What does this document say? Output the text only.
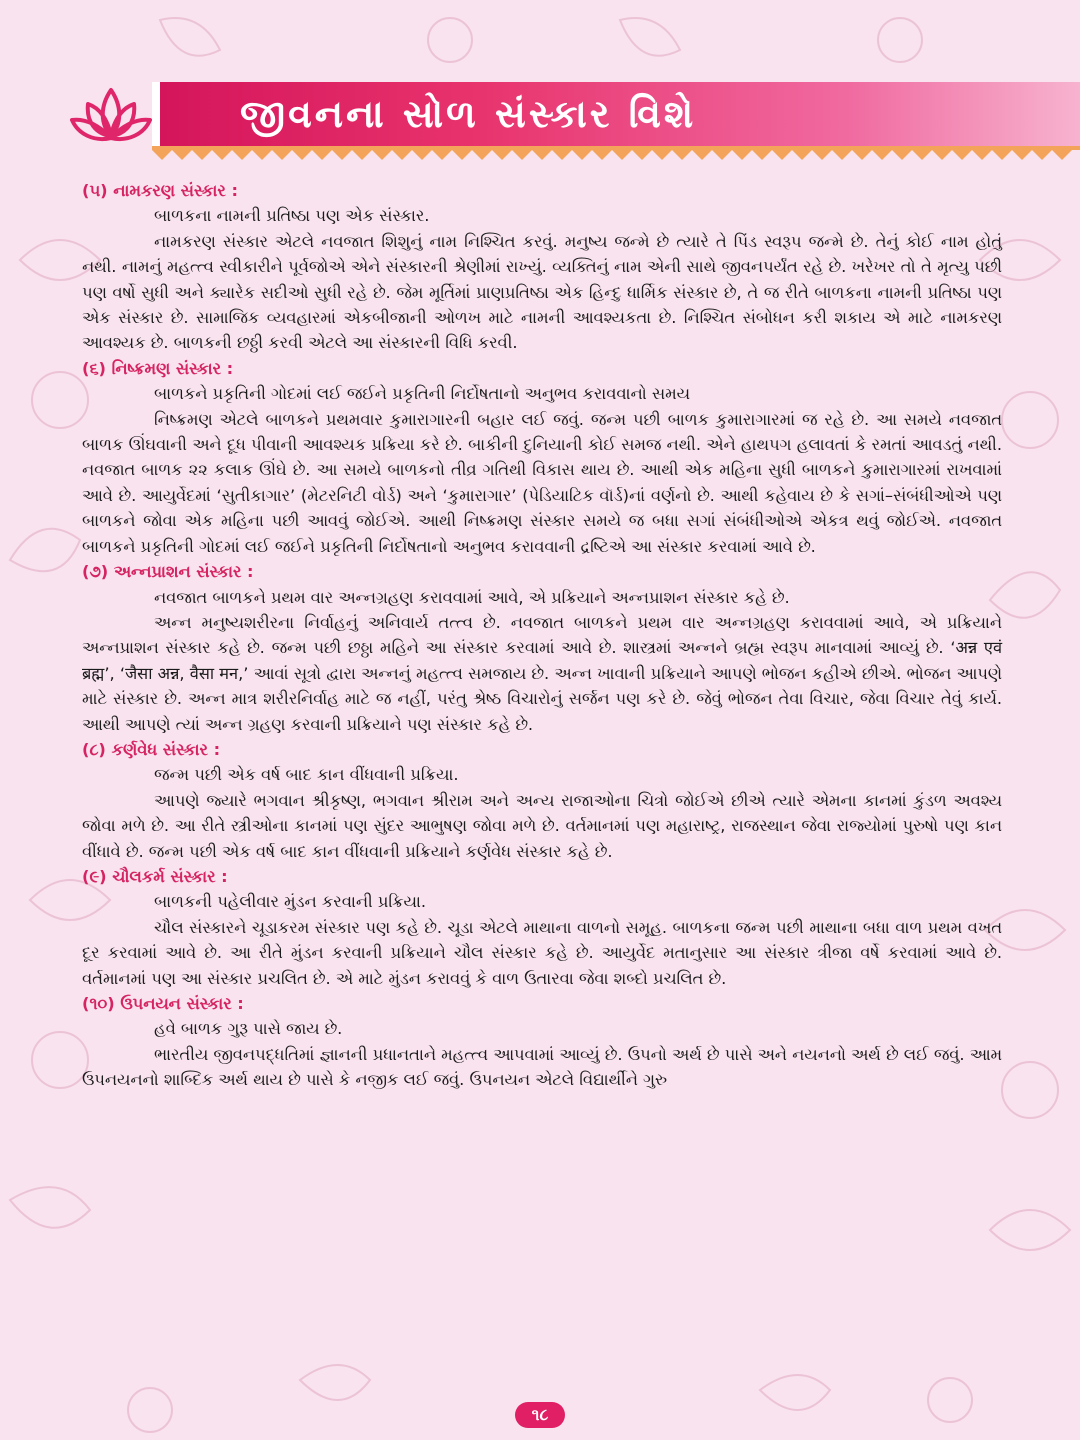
જીવનના સોળ સંસ્કાર વિશે

(૫) નામકરણ સંસ્કાર :

બાળકના નામની પ્રતિષ્ઠા પણ એક સંસ્કાર.

નામકરણ સંસ્કાર એટલે નવજાત શિશુનું નામ નિશ્ચિત કરવું. મનુષ્ય જન્મે છે ત્યારે તે પિંડ સ્વરૂપ જન્મે છે. તેનું કોઈ નામ હોતું નથી. નામનું મહત્ત્વ સ્વીકારીને પૂર્વજોએ એને સંસ્કારની શ્રેણીમાં રાખ્યું. વ્યક્તિનું નામ એની સાથે જીવનપર્યંત રહે છે. ખરેખર તો તે મૃત્યુ પછી પણ વર્ષો સુધી અને ક્યારેક સદીઓ સુધી રહે છે. જેમ મૂર્તિમાં પ્રાણપ્રતિષ્ઠા એક હિન્દુ ધાર્મિક સંસ્કાર છે, તે જ રીતે બાળકના નામની પ્રતિષ્ઠા પણ એક સંસ્કાર છે. સામાજિક વ્યવહારમાં એકબીજાની ઓળખ માટે નામની આવશ્યકતા છે. નિશ્ચિત સંબોધન કરી શકાય એ માટે નામકરણ આવશ્યક છે. બાળકની છઠ્ઠી કરવી એટલે આ સંસ્કારની વિધિ કરવી.

(૬) નિષ્ક્રમણ સંસ્કાર :

બાળકને પ્રકૃતિની ગોદમાં લઈ જઈને પ્રકૃતિની નિર્દોષતાનો અનુભવ કરાવવાનો સમય

નિષ્ક્રમણ એટલે બાળકને પ્રથમવાર કુમારાગારની બહાર લઈ જવું. જન્મ પછી બાળક કુમારાગારમાં જ રહે છે. આ સમયે નવજાત બાળક ઊંઘવાની અને દૂધ પીવાની આવશ્યક પ્રક્રિયા કરે છે. બાકીની દુનિયાની કોઈ સમજ નથી. એને હાથપગ હલાવતાં કે રમતાં આવડતું નથી. નવજાત બાળક ૨૨ કલાક ઊંઘે છે. આ સમયે બાળકનો તીવ્ર ગતિથી વિકાસ થાય છે. આથી એક મહિના સુધી બાળકને કુમારાગારમાં રાખવામાં આવે છે. આયુર્વેદમાં ‘સુતીકાગાર’ (મેટરનિટી વોર્ડ) અને ‘કુમારાગાર’ (પેડિયાટિક વૉર્ડ)નાં વર્ણનો છે. આથી કહેવાય છે કે સગાં–સંબંધીઓએ પણ બાળકને જોવા એક મહિના પછી આવવું જોઈએ. આથી નિષ્ક્રમણ સંસ્કાર સમયે જ બધા સગાં સંબંધીઓએ એકત્ર થવું જોઈએ. નવજાત બાળકને પ્રકૃતિની ગોદમાં લઈ જઈને પ્રકૃતિની નિર્દોષતાનો અનુભવ કરાવવાની દ્રષ્ટિએ આ સંસ્કાર કરવામાં આવે છે.

(૭) અન્નપ્રાશન સંસ્કાર :

નવજાત બાળકને પ્રથમ વાર અન્નગ્રહણ કરાવવામાં આવે, એ પ્રક્રિયાને અન્નપ્રાશન સંસ્કાર કહે છે.

અન્ન મનુષ્યશરીરના નિર્વાહનું અનિવાર્ય તત્ત્વ છે. નવજાત બાળકને પ્રથમ વાર અન્નગ્રહણ કરાવવામાં આવે, એ પ્રક્રિયાને અન્નપ્રાશન સંસ્કાર કહે છે. જન્મ પછી છઠ્ઠા મહિને આ સંસ્કાર કરવામાં આવે છે. શાસ્ત્રમાં અન્નને બ્રહ્મ સ્વરૂપ માનવામાં આવ્યું છે. ‘अन्न एवं ब्रह्म’, ‘जैसा अन्न, वैसा मन,’ આવાં સૂત્રો દ્વારા અન્નનું મહત્ત્વ સમજાય છે. અન્ન ખાવાની પ્રક્રિયાને આપણે ભોજન કહીએ છીએ. ભોજન આપણે માટે સંસ્કાર છે. અન્ન માત્ર શરીરનિર્વાહ માટે જ નહીં, પરંતુ શ્રેષ્ઠ વિચારોનું સર્જન પણ કરે છે. જેવું ભોજન તેવા વિચાર, જેવા વિચાર તેવું કાર્ય. આથી આપણે ત્યાં અન્ન ગ્રહણ કરવાની પ્રક્રિયાને પણ સંસ્કાર કહે છે.

(૮) કર્ણવેધ સંસ્કાર :

જન્મ પછી એક વર્ષ બાદ કાન વીંધવાની પ્રક્રિયા.

આપણે જ્યારે ભગવાન શ્રીકૃષ્ણ, ભગવાન શ્રીરામ અને અન્ય રાજાઓના ચિત્રો જોઈએ છીએ ત્યારે એમના કાનમાં કુંડળ અવશ્ય જોવા મળે છે. આ રીતે સ્ત્રીઓના કાનમાં પણ સુંદર આભુષણ જોવા મળે છે. વર્તમાનમાં પણ મહારાષ્ટ્ર, રાજસ્થાન જેવા રાજ્યોમાં પુરુષો પણ કાન વીંધાવે છે. જન્મ પછી એક વર્ષ બાદ કાન વીંધવાની પ્રક્રિયાને કર્ણવેધ સંસ્કાર કહે છે.

(૯) ચૌલકર્મ સંસ્કાર :

બાળકની પહેલીવાર મુંડન કરવાની પ્રક્રિયા.

ચૌલ સંસ્કારને ચૂડાકરમ સંસ્કાર પણ કહે છે. ચૂડા એટલે માથાના વાળનો સમૂહ. બાળકના જન્મ પછી માથાના બધા વાળ પ્રથમ વખત દૂર કરવામાં આવે છે. આ રીતે મુંડન કરવાની પ્રક્રિયાને ચૌલ સંસ્કાર કહે છે. આયુર્વેદ મતાનુસાર આ સંસ્કાર ત્રીજા વર્ષે કરવામાં આવે છે. વર્તમાનમાં પણ આ સંસ્કાર પ્રચલિત છે. એ માટે મુંડન કરાવવું કે વાળ ઉતારવા જેવા શબ્દો પ્રચલિત છે.

(૧૦) ઉપનયન સંસ્કાર :

હવે બાળક ગુરૂ પાસે જાય છે.

ભારતીય જીવનપદ્ધતિમાં જ્ઞાનની પ્રધાનતાને મહત્ત્વ આપવામાં આવ્યું છે. ઉપનો અર્થ છે પાસે અને નયનનો અર્થ છે લઈ જવું. આમ ઉપનયનનો શાબ્દિક અર્થ થાય છે પાસે કે નજીક લઈ જવું. ઉપનયન એટલે વિદ્યાર્થીને ગુરુ

૧૮
